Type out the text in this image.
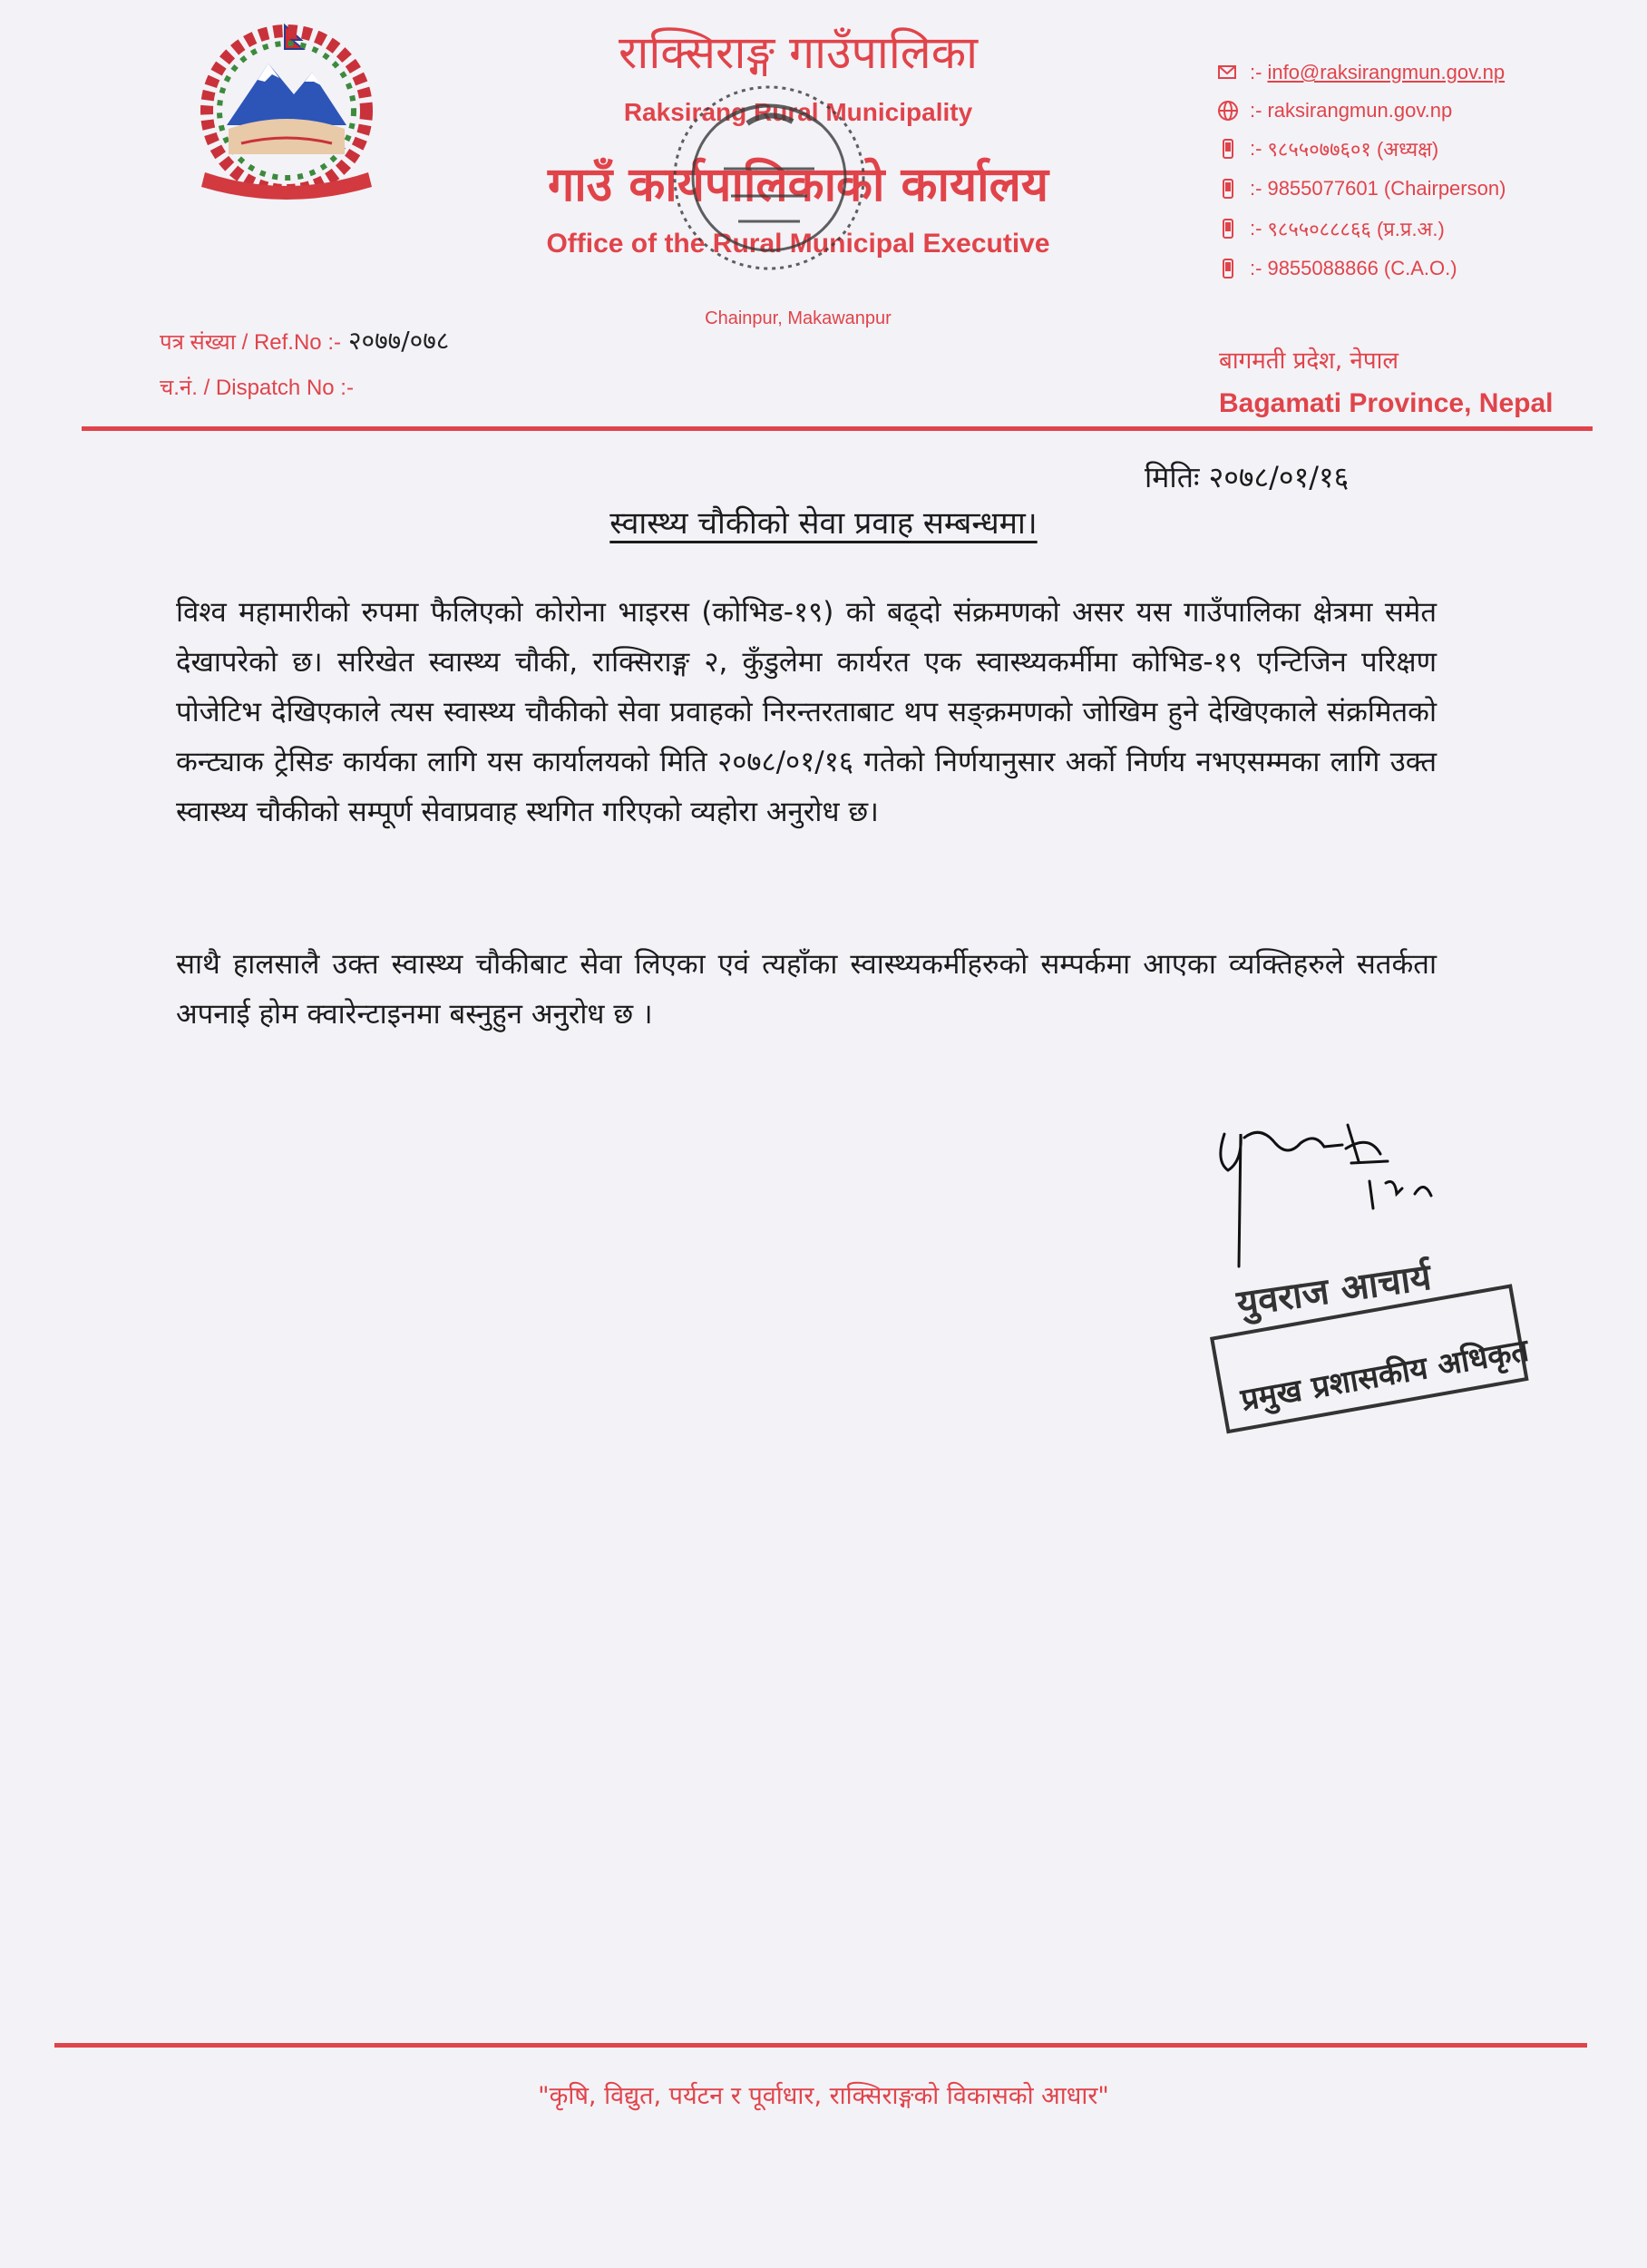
राक्सिराङ्ग गाउँपालिका
Raksirang Rural Municipality
गाउँ कार्यपालिकाको कार्यालय
Office of the Rural Municipal Executive
Chainpur, Makawanpur
:- info@raksirangmun.gov.np
:- raksirangmun.gov.np
:- ९८५५०७७६०१ (अध्यक्ष)
:- 9855077601 (Chairperson)
:- ९८५५०८८८६६ (प्र.प्र.अ.)
:- 9855088866 (C.A.O.)
पत्र संख्या / Ref.No :- २०७७/०७८
च.नं. / Dispatch No :-
बागमती प्रदेश, नेपाल
Bagamati Province, Nepal
मितिः २०७८/०१/१६
स्वास्थ्य चौकीको सेवा प्रवाह सम्बन्धमा।
विश्व महामारीको रुपमा फैलिएको कोरोना भाइरस (कोभिड-१९) को बढ्दो संक्रमणको असर यस गाउँपालिका क्षेत्रमा समेत देखापरेको छ। सरिखेत स्वास्थ्य चौकी, राक्सिराङ्ग २, कुँडुलेमा कार्यरत एक स्वास्थ्यकर्मीमा कोभिड-१९ एन्टिजिन परिक्षण पोजेटिभ देखिएकाले त्यस स्वास्थ्य चौकीको सेवा प्रवाहको निरन्तरताबाट थप सङ्क्रमणको जोखिम हुने देखिएकाले संक्रमितको कन्ट्याक ट्रेसिङ कार्यका लागि यस कार्यालयको मिति २०७८/०१/१६ गतेको निर्णयानुसार अर्को निर्णय नभएसम्मका लागि उक्त स्वास्थ्य चौकीको सम्पूर्ण सेवाप्रवाह स्थगित गरिएको व्यहोरा अनुरोध छ।
साथै हालसालै उक्त स्वास्थ्य चौकीबाट सेवा लिएका एवं त्यहाँका स्वास्थ्यकर्मीहरुको सम्पर्कमा आएका व्यक्तिहरुले सतर्कता अपनाई होम क्वारेन्टाइनमा बस्नुहुन अनुरोध छ ।
युवराज आचार्य
प्रमुख प्रशासकीय अधिकृत
"कृषि, विद्युत, पर्यटन र पूर्वाधार, राक्सिराङ्गको विकासको आधार"
